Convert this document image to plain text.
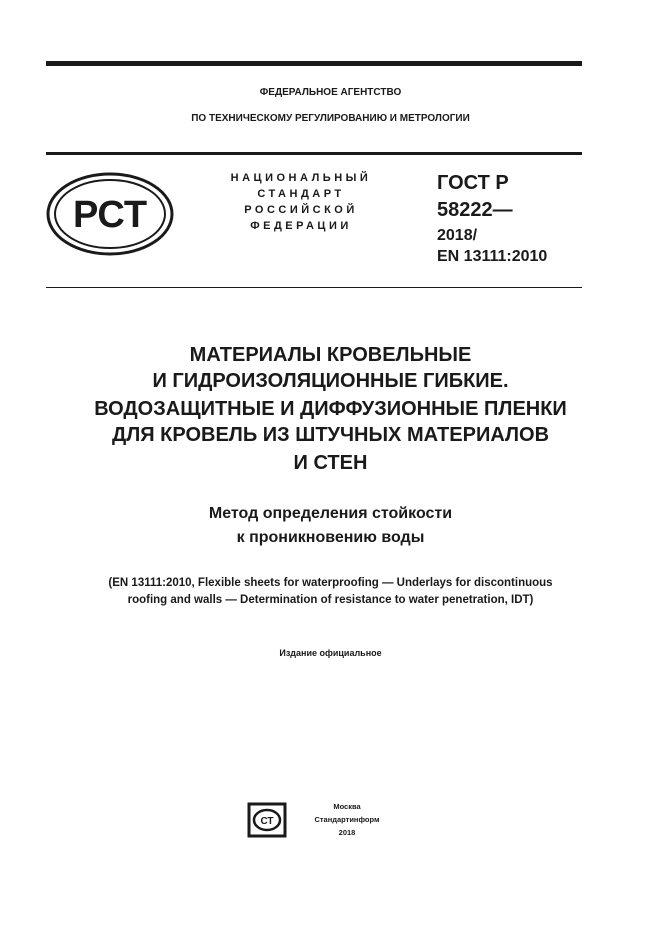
ФЕДЕРАЛЬНОЕ АГЕНТСТВО
ПО ТЕХНИЧЕСКОМУ РЕГУЛИРОВАНИЮ И МЕТРОЛОГИИ
РСТ
НАЦИОНАЛЬНЫЙ
СТАНДАРТ
РОССИЙСКОЙ
ФЕДЕРАЦИИ
ГОСТ Р
58222—
2018/
EN 13111:2010
МАТЕРИАЛЫ КРОВЕЛЬНЫЕ
И ГИДРОИЗОЛЯЦИОННЫЕ ГИБКИЕ.
ВОДОЗАЩИТНЫЕ И ДИФФУЗИОННЫЕ ПЛЕНКИ
ДЛЯ КРОВЕЛЬ ИЗ ШТУЧНЫХ МАТЕРИАЛОВ
И СТЕН
Метод определения стойкости
к проникновению воды
(EN 13111:2010, Flexible sheets for waterproofing — Underlays for discontinuous
roofing and walls — Determination of resistance to water penetration, IDT)
Издание официальное
СТ
Москва
Стандартинформ
2018
